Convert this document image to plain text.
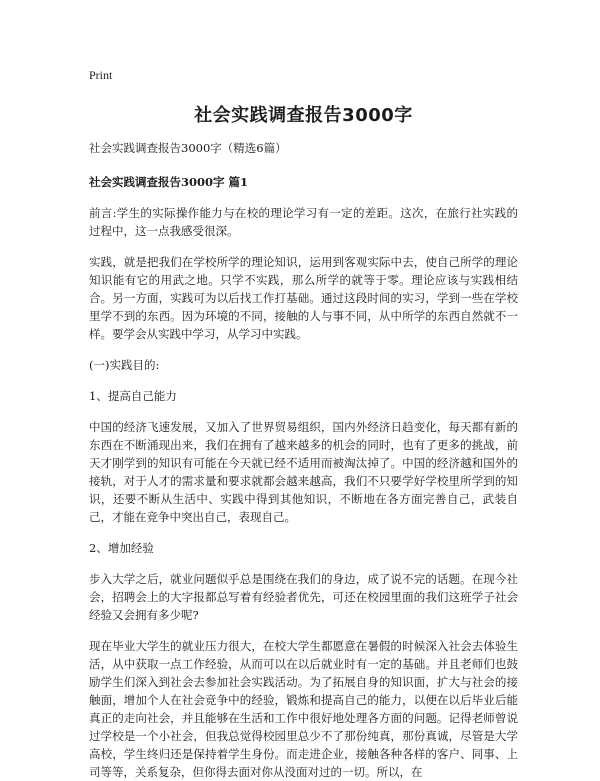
Print
社会实践调查报告3000字

社会实践调查报告3000字（精选6篇）

社会实践调查报告3000字 篇1

前言:学生的实际操作能力与在校的理论学习有一定的差距。这次，在旅行社实践的过程中，这一点我感受很深。

实践，就是把我们在学校所学的理论知识，运用到客观实际中去，使自己所学的理论知识能有它的用武之地。只学不实践，那么所学的就等于零。理论应该与实践相结合。另一方面，实践可为以后找工作打基础。通过这段时间的实习，学到一些在学校里学不到的东西。因为环境的不同，接触的人与事不同，从中所学的东西自然就不一样。要学会从实践中学习，从学习中实践。

(一)实践目的:

1、提高自己能力

中国的经济飞速发展，又加入了世界贸易组织，国内外经济日趋变化，每天都有新的东西在不断涌现出来，我们在拥有了越来越多的机会的同时，也有了更多的挑战，前天才刚学到的知识有可能在今天就已经不适用而被淘汰掉了。中国的经济越和国外的接轨，对于人才的需求量和要求就都会越来越高，我们不只要学好学校里所学到的知识，还要不断从生活中、实践中得到其他知识，不断地在各方面完善自己，武装自己，才能在竞争中突出自己，表现自己。

2、增加经验

步入大学之后，就业问题似乎总是围绕在我们的身边，成了说不完的话题。在现今社会，招聘会上的大字报都总写着有经验者优先，可还在校园里面的我们这班学子社会经验又会拥有多少呢?

现在毕业大学生的就业压力很大，在校大学生都愿意在暑假的时候深入社会去体验生活，从中获取一点工作经验，从而可以在以后就业时有一定的基础。并且老师们也鼓励学生们深入到社会去参加社会实践活动。为了拓展自身的知识面，扩大与社会的接触面，增加个人在社会竞争中的经验，锻炼和提高自己的能力，以便在以后毕业后能真正的走向社会，并且能够在生活和工作中很好地处理各方面的问题。记得老师曾说过学校是一个小社会，但我总觉得校园里总少不了那份纯真，那份真诚，尽管是大学高校，学生终归还是保持着学生身份。而走进企业，接触各种各样的客户、同事、上司等等，关系复杂，但你得去面对你从没面对过的一切。所以，在
